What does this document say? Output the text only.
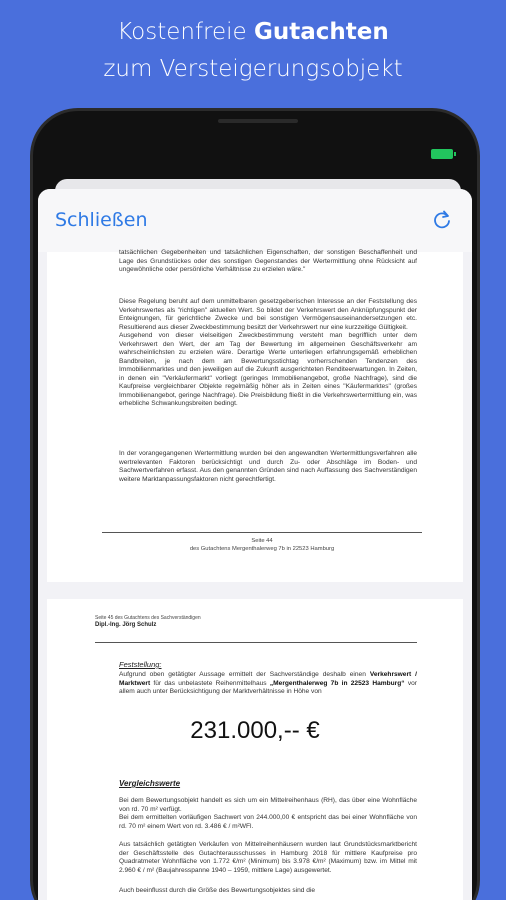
Kostenfreie Gutachten
zum Versteigerungsobjekt
Schließen
tatsächlichen Gegebenheiten und tatsächlichen Eigenschaften, der sonstigen Beschaffenheit und Lage des Grundstückes oder des sonstigen Gegenstandes der Wertermittlung ohne Rücksicht auf ungewöhnliche oder persönliche Verhältnisse zu erzielen wäre."
Diese Regelung beruht auf dem unmittelbaren gesetzgeberischen Interesse an der Feststellung des Verkehrswertes als "richtigen" aktuellen Wert. So bildet der Verkehrswert den Anknüpfungspunkt der Enteignungen, für gerichtliche Zwecke und bei sonstigen Vermögensauseinandersetzungen etc. Resultierend aus dieser Zweckbestimmung besitzt der Verkehrswert nur eine kurzzeitige Gültigkeit.
Ausgehend von dieser vielseitigen Zweckbestimmung versteht man begrifflich unter dem Verkehrswert den Wert, der am Tag der Bewertung im allgemeinen Geschäftsverkehr am wahrscheinlichsten zu erzielen wäre. Derartige Werte unterliegen erfahrungsgemäß erheblichen Bandbreiten, je nach dem am Bewertungsstichtag vorherrschenden Tendenzen des Immobilienmarktes und den jeweiligen auf die Zukunft ausgerichteten Renditeerwartungen. In Zeiten, in denen ein "Verkäufermarkt" vorliegt (geringes Immobilienangebot, große Nachfrage), sind die Kaufpreise vergleichbarer Objekte regelmäßig höher als in Zeiten eines "Käufermarktes" (großes Immobilienangebot, geringe Nachfrage). Die Preisbildung fließt in die Verkehrswertermittlung ein, was erhebliche Schwankungsbreiten bedingt.
In der vorangegangenen Wertermittlung wurden bei den angewandten Wertermittlungsverfahren alle wertrelevanten Faktoren berücksichtigt und durch Zu- oder Abschläge im Boden- und Sachwertverfahren erfasst. Aus den genannten Gründen sind nach Auffassung des Sachverständigen weitere Marktanpassungsfaktoren nicht gerechtfertigt.
Seite 44
des Gutachtens Mergenthalerweg 7b in 22523 Hamburg
Seite 45 des Gutachtens des Sachverständigen
Dipl.-Ing. Jörg Schulz
Feststellung:
Aufgrund oben getätigter Aussage ermittelt der Sachverständige deshalb einen Verkehrswert / Marktwert für das unbelastete Reihenmittelhaus „Mergenthalerweg 7b in 22523 Hamburg“ vor allem auch unter Berücksichtigung der Marktverhältnisse in Höhe von
231.000,-- €
Vergleichswerte
Bei dem Bewertungsobjekt handelt es sich um ein Mittelreihenhaus (RH), das über eine Wohnfläche von rd. 70 m² verfügt.
Bei dem ermittelten vorläufigen Sachwert von 244.000,00 € entspricht das bei einer Wohnfläche von rd. 70 m² einem Wert von rd. 3.486 € / m²WFl.
Aus tatsächlich getätigten Verkäufen von Mittelreihenhäusern wurden laut Grundstücksmarktbericht der Geschäftsstelle des Gutachterausschusses in Hamburg 2018 für mittlere Kaufpreise pro Quadratmeter Wohnfläche von 1.772 €/m² (Minimum) bis 3.978 €/m² (Maximum) bzw. im Mittel mit 2.960 € / m² (Baujahresspanne 1940 – 1959, mittlere Lage) ausgewertet.
Auch beeinflusst durch die Größe des Bewertungsobjektes sind die
